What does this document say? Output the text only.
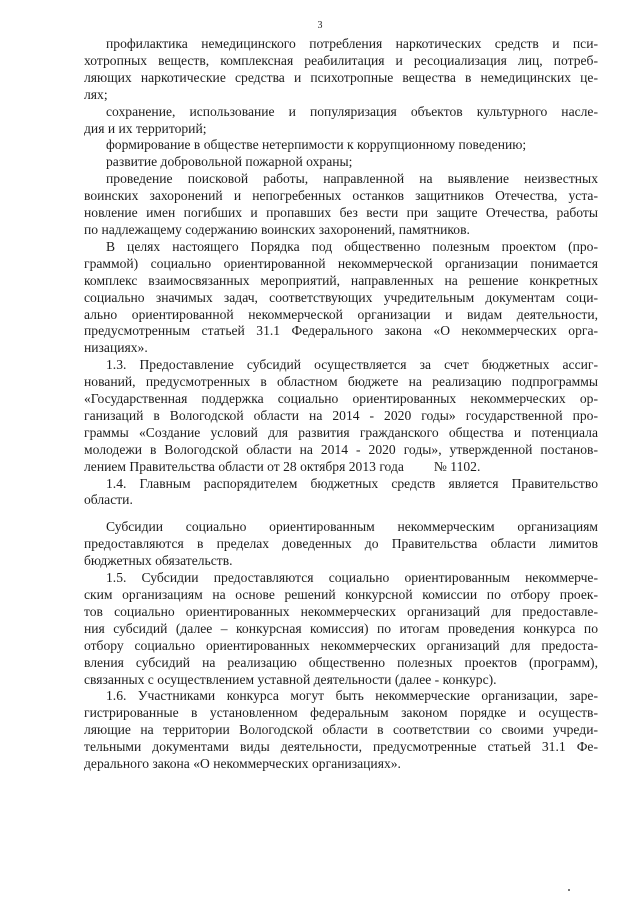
3
профилактика немедицинского потребления наркотических средств и пси-
хотропных веществ, комплексная реабилитация и ресоциализация лиц, потреб-
ляющих наркотические средства и психотропные вещества в немедицинских це-
лях;
сохранение, использование и популяризация объектов культурного насле-
дия и их территорий;
формирование в обществе нетерпимости к коррупционному поведению;
развитие добровольной пожарной охраны;
проведение поисковой работы, направленной на выявление неизвестных
воинских захоронений и непогребенных останков защитников Отечества, уста-
новление имен погибших и пропавших без вести при защите Отечества, работы
по надлежащему содержанию воинских захоронений, памятников.
В целях настоящего Порядка под общественно полезным проектом (про-
граммой) социально ориентированной некоммерческой организации понимается
комплекс взаимосвязанных мероприятий, направленных на решение конкретных
социально значимых задач, соответствующих учредительным документам соци-
ально ориентированной некоммерческой организации и видам деятельности,
предусмотренным статьей 31.1 Федерального закона «О некоммерческих орга-
низациях».
1.3. Предоставление субсидий осуществляется за счет бюджетных ассиг-
нований, предусмотренных в областном бюджете на реализацию подпрограммы
«Государственная поддержка социально ориентированных некоммерческих ор-
ганизаций в Вологодской области на 2014 - 2020 годы» государственной про-
граммы «Создание условий для развития гражданского общества и потенциала
молодежи в Вологодской области на 2014 - 2020 годы», утвержденной постанов-
лением Правительства области от 28 октября 2013 года № 1102.
1.4. Главным распорядителем бюджетных средств является Правительство
области.
Субсидии социально ориентированным некоммерческим организациям
предоставляются в пределах доведенных до Правительства области лимитов
бюджетных обязательств.
1.5. Субсидии предоставляются социально ориентированным некоммерче-
ским организациям на основе решений конкурсной комиссии по отбору проек-
тов социально ориентированных некоммерческих организаций для предоставле-
ния субсидий (далее – конкурсная комиссия) по итогам проведения конкурса по
отбору социально ориентированных некоммерческих организаций для предоста-
вления субсидий на реализацию общественно полезных проектов (программ),
связанных с осуществлением уставной деятельности (далее - конкурс).
1.6. Участниками конкурса могут быть некоммерческие организации, заре-
гистрированные в установленном федеральным законом порядке и осуществ-
ляющие на территории Вологодской области в соответствии со своими учреди-
тельными документами виды деятельности, предусмотренные статьей 31.1 Фе-
дерального закона «О некоммерческих организациях».
